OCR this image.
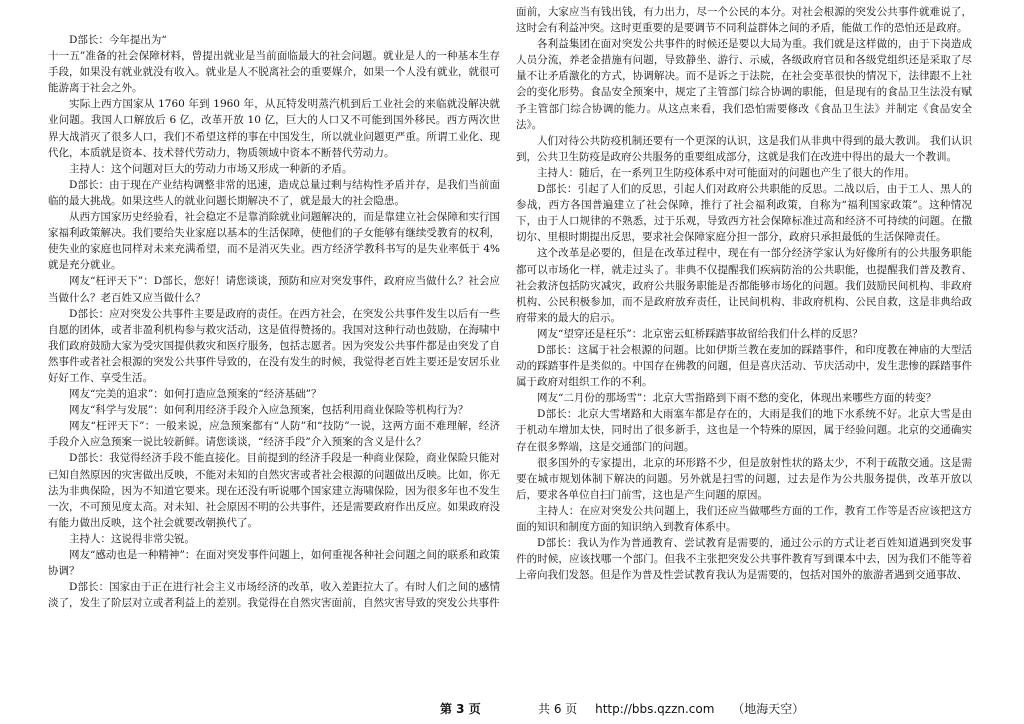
D部长：今年提出为“

十一五”准备的社会保障材料，曾提出就业是当前面临最大的社会问题。就业是人的一种基本生存手段，如果没有就业就没有收入。就业是人不脱离社会的重要媒介，如果一个人没有就业，就很可能游离于社会之外。

实际上西方国家从 1760 年到 1960 年，从瓦特发明蒸汽机到后工业社会的来临就没解决就业问题。我国人口解放后 6 亿，改革开放 10 亿，巨大的人口又不可能到国外移民。西方两次世界大战消灭了很多人口，我们不希望这样的事在中国发生，所以就业问题更严重。所谓工业化、现代化，本质就是资本、技术替代劳动力，物质领域中资本不断替代劳动力。

主持人：这个问题对巨大的劳动力市场又形成一种新的矛盾。

D部长：由于现在产业结构调整非常的迅速，造成总量过剩与结构性矛盾并存，是我们当前面临的最大挑战。如果这些人的就业问题长期解决不了，就是最大的社会隐患。

从西方国家历史经验看，社会稳定不是靠消除就业问题解决的，而是靠建立社会保障和实行国家福利政策解决。我们要给失业家庭以基本的生活保障，使他们的子女能够有继续受教育的权利，使失业的家庭也同样对未来充满希望，而不是消灭失业。西方经济学教科书写的是失业率低于 4%就是充分就业。

网友“枉评天下”：D部长，您好！请您谈谈，预防和应对突发事件，政府应当做什么？社会应当做什么？老百姓又应当做什么？

D部长：应对突发公共事件主要是政府的责任。在西方社会，在突发公共事件发生以后有一些自愿的团体，或者非盈利机构参与救灾活动，这是值得赞扬的。我国对这种行动也鼓励，在海啸中我们政府鼓励大家为受灾国提供救灾和医疗服务，包括志愿者。因为突发公共事件都是由突发了自然事件或者社会根源的突发公共事件导致的，在没有发生的时候，我觉得老百姓主要还是安居乐业好好工作、享受生活。

网友“完美的追求”：如何打造应急预案的“经济基础”？

网友“科学与发展”：如何利用经济手段介入应急预案，包括利用商业保险等机构行为？

网友“枉评天下”：一般来说，应急预案都有“人防”和“技防”一说，这两方面不难理解，经济手段介入应急预案一说比较新鲜。请您谈谈，“经济手段”介入预案的含义是什么？

D部长：我觉得经济手段不能直接化。目前提到的经济手段是一种商业保险，商业保险只能对已知自然原因的灾害做出反映，不能对未知的自然灾害或者社会根源的问题做出反映。比如，你无法为非典保险，因为不知道它要来。现在还没有听说哪个国家建立海啸保险，因为很多年也不发生一次，不可预见度太高。对未知、社会原因不明的公共事件，还是需要政府作出反应。如果政府没有能力做出反映，这个社会就要改朝换代了。

主持人：这说得非常尖锐。

网友“感动也是一种精神”：在面对突发事件问题上，如何重视各种社会问题之间的联系和政策协调？

D部长：国家由于正在进行社会主义市场经济的改革，收入差距拉大了。有时人们之间的感情淡了，发生了阶层对立或者利益上的差别。我觉得在自然灾害面前，自然灾害导致的突发公共事件

面前，大家应当有钱出钱，有力出力，尽一个公民的本分。对社会根源的突发公共事件就难说了，这时会有利益冲突。这时更重要的是要调节不同利益群体之间的矛盾，能做工作的恐怕还是政府。

各利益集团在面对突发公共事件的时候还是要以大局为重。我们就是这样做的，由于下岗造成人员分流，养老金措施有问题，导致静坐、游行、示威，各级政府官员和各级党组织还是采取了尽量不让矛盾激化的方式，协调解决。而不是诉之于法院，在社会变革很快的情况下，法律跟不上社会的变化形势。食品安全预案中，规定了主管部门综合协调的职能，但是现有的食品卫生法没有赋予主管部门综合协调的能力。从这点来看，我们恐怕需要修改《食品卫生法》并制定《食品安全法》。

人们对待公共防疫机制还要有一个更深的认识，这是我们从非典中得到的最大教训。 我们认识到，公共卫生防疫是政府公共服务的重要组成部分，这就是我们在改进中得出的最大一个教训。

主持人：随后，在一系列卫生防疫体系中对可能面对的问题也产生了很大的作用。

D部长：引起了人们的反思，引起人们对政府公共职能的反思。二战以后，由于工人、黑人的参战，西方各国普遍建立了社会保障，推行了社会福利政策，自称为“福利国家政策”。这种情况下，由于人口规律的不熟悉，过于乐观，导致西方社会保障标准过高和经济不可持续的问题。在撒切尔、里根时期提出反思，要求社会保障家庭分担一部分，政府只承担最低的生活保障责任。

这个改革是必要的，但是在改革过程中，现在有一部分经济学家认为好像所有的公共服务职能都可以市场化一样，就走过头了。非典不仅提醒我们疾病防治的公共职能，也提醒我们普及教育、社会救济包括防灾减灾，政府公共服务职能是否都能够市场化的问题。我们鼓励民间机构、非政府机构、公民积极参加，而不是政府放弃责任，让民间机构、非政府机构、公民自救，这是非典给政府带来的最大的启示。

网友“望穿还是枉乐”：北京密云虹桥踩踏事故留给我们什么样的反思？

D部长：这属于社会根源的问题。比如伊斯兰教在麦加的踩踏事件，和印度教在神庙的大型活动的踩踏事件是类似的。中国存在佛教的问题，但是喜庆活动、节庆活动中，发生悲惨的踩踏事件属于政府对组织工作的不利。

网友“二月份的那场雪”：北京大雪指路到下雨不愁的变化，体现出来哪些方面的转变？

D部长：北京大雪堵路和大雨塞车都是存在的，大雨是我们的地下水系统不好。北京大雪是由于机动车增加太快，同时出了很多新手，这也是一个特殊的原因，属于经验问题。北京的交通确实存在很多弊端，这是交通部门的问题。

很多国外的专家提出，北京的环形路不少，但是放射性状的路太少，不利于疏散交通。这是需要在城市规划体制下解决的问题。另外就是扫雪的问题，过去是作为公共服务提供，改革开放以后，要求各单位自扫门前雪，这也是产生问题的原因。

主持人：在应对突发公共问题上，我们还应当做哪些方面的工作，教育工作等是否应该把这方面的知识和制度方面的知识纳入到教育体系中。

D部长：我认为作为普通教育、尝试教育是需要的，通过公示的方式让老百姓知道遇到突发事件的时候，应该找哪一个部门。但我不主张把突发公共事件教育写到课本中去，因为我们不能等着上帝向我们发怒。但是作为普及性尝试教育我认为是需要的，包括对国外的旅游者遇到交通事故、

第 3 页	共 6 页 http://bbs.qzzn.com （地海天空）
